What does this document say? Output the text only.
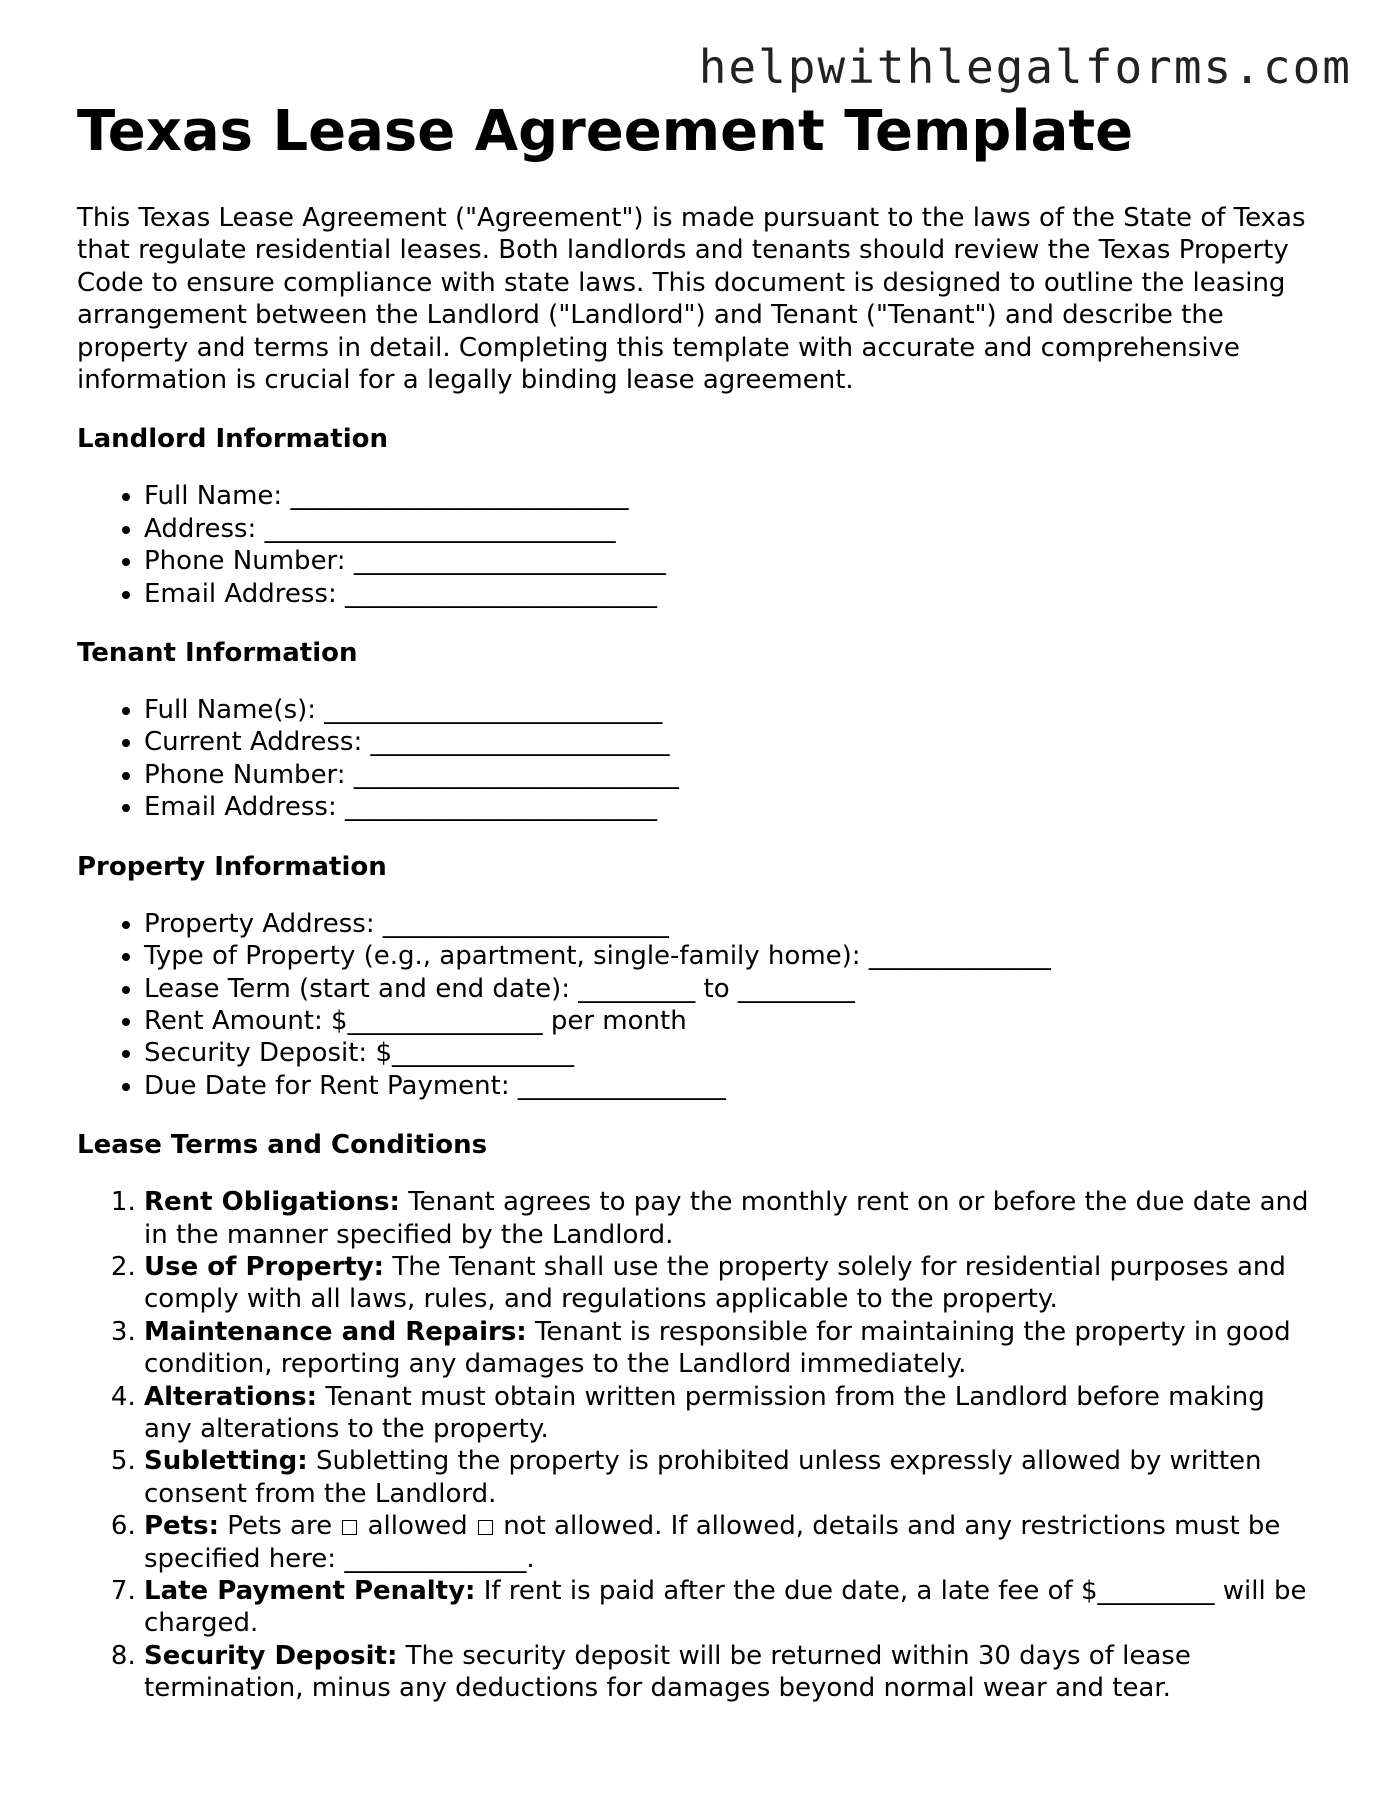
helpwithlegalforms.com
Texas Lease Agreement Template

This Texas Lease Agreement ("Agreement") is made pursuant to the laws of the State of Texas that regulate residential leases. Both landlords and tenants should review the Texas Property Code to ensure compliance with state laws. This document is designed to outline the leasing arrangement between the Landlord ("Landlord") and Tenant ("Tenant") and describe the property and terms in detail. Completing this template with accurate and comprehensive information is crucial for a legally binding lease agreement.

Landlord Information
• Full Name: __________________________
• Address: ___________________________
• Phone Number: ________________________
• Email Address: ________________________
Tenant Information
• Full Name(s): __________________________
• Current Address: _______________________
• Phone Number: _________________________
• Email Address: ________________________
Property Information
• Property Address: ______________________
• Type of Property (e.g., apartment, single-family home): ______________
• Lease Term (start and end date): _________ to _________
• Rent Amount: $_______________ per month
• Security Deposit: $______________
• Due Date for Rent Payment: ________________
Lease Terms and Conditions
1. Rent Obligations: Tenant agrees to pay the monthly rent on or before the due date and in the manner specified by the Landlord.
2. Use of Property: The Tenant shall use the property solely for residential purposes and comply with all laws, rules, and regulations applicable to the property.
3. Maintenance and Repairs: Tenant is responsible for maintaining the property in good condition, reporting any damages to the Landlord immediately.
4. Alterations: Tenant must obtain written permission from the Landlord before making any alterations to the property.
5. Subletting: Subletting the property is prohibited unless expressly allowed by written consent from the Landlord.
6. Pets: Pets are allowed not allowed. If allowed, details and any restrictions must be specified here: ______________.
7. Late Payment Penalty: If rent is paid after the due date, a late fee of $_________ will be charged.
8. Security Deposit: The security deposit will be returned within 30 days of lease termination, minus any deductions for damages beyond normal wear and tear.
